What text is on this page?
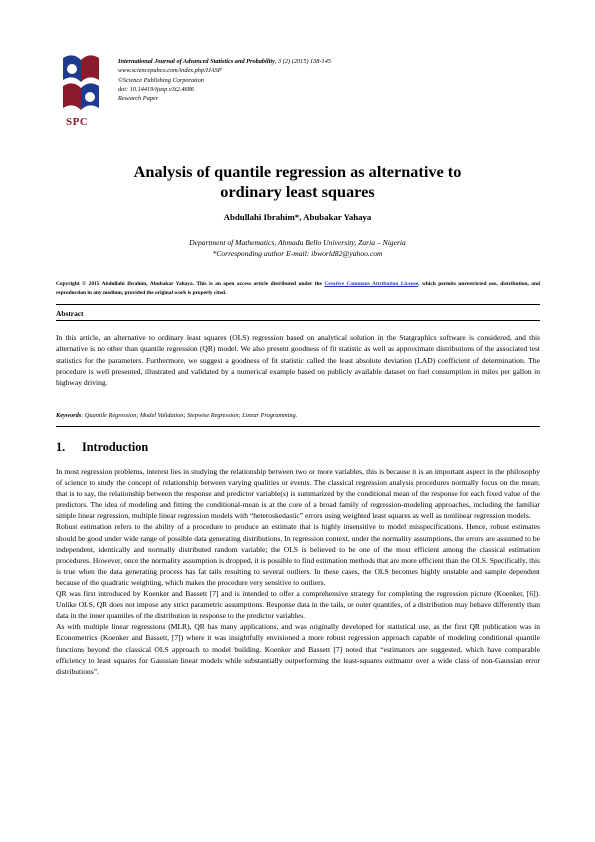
SPC
International Journal of Advanced Statistics and Probability, 3 (2) (2015) 138-145
www.sciencepubco.com/index.php/IJASP
©Science Publishing Corporation
doi: 10.14419/ijasp.v3i2.4686
Research Paper
Analysis of quantile regression as alternative to
ordinary least squares
Abdullahi Ibrahim*, Abubakar Yahaya
Department of Mathematics, Ahmadu Bello University, Zaria – Nigeria
*Corresponding author E-mail: ibworld82@yahoo.com
Copyright © 2015 Abdullahi Ibrahim, Abubakar Yahaya. This is an open access article distributed under the Creative Commons Attribution License, which permits unrestricted use, distribution, and reproduction in any medium, provided the original work is properly cited.
Abstract
In this article, an alternative to ordinary least squares (OLS) regression based on analytical solution in the Statgraphics software is considered, and this alternative is no other than quantile regression (QR) model. We also present goodness of fit statistic as well as approximate distributions of the associated test statistics for the parameters. Furthermore, we suggest a goodness of fit statistic called the least absolute deviation (LAD) coefficient of determination. The procedure is well presented, illustrated and validated by a numerical example based on publicly available dataset on fuel consumption in miles per gallon in highway driving.
Keywords: Quantile Regression; Model Validation; Stepwise Regression; Linear Programming.
1. Introduction

In most regression problems, interest lies in studying the relationship between two or more variables, this is because it is an important aspect in the philosophy of science to study the concept of relationship between varying qualities or events. The classical regression analysis procedures normally focus on the mean; that is to say, the relationship between the response and predictor variable(s) is summarized by the conditional mean of the response for each fixed value of the predictors. The idea of modeling and fitting the conditional-mean is at the core of a broad family of regression-modeling approaches, including the familiar simple linear regression, multiple linear regression models with “heteroskedastic” errors using weighted least squares as well as nonlinear regression models.

Robust estimation refers to the ability of a procedure to produce an estimate that is highly insensitive to model misspecifications. Hence, robust estimates should be good under wide range of possible data generating distributions. In regression context, under the normality assumptions, the errors are assumed to be independent, identically and normally distributed random variable; the OLS is believed to be one of the most efficient among the classical estimation procedures. However, once the normality assumption is dropped, it is possible to find estimation methods that are more efficient than the OLS. Specifically, this is true when the data generating process has fat tails resulting to several outliers. In these cases, the OLS becomes highly unstable and sample dependent because of the quadratic weighting, which makes the procedure very sensitive to outliers.

QR was first introduced by Koenker and Bassett [7] and is intended to offer a comprehensive strategy for completing the regression picture (Koenker, [6]). Unlike OLS, QR does not impose any strict parametric assumptions. Response data in the tails, or outer quantiles, of a distribution may behave differently than data in the inner quantiles of the distribution in response to the predictor variables.

As with multiple linear regressions (MLR), QR has many applications, and was originally developed for statistical use, as the first QR publication was in Econometrics (Koenker and Bassett, [7]) where it was insightfully envisioned a more robust regression approach capable of modeling conditional quantile functions beyond the classical OLS approach to model building. Koenker and Bassett [7] noted that “estimators are suggested, which have comparable efficiency to least squares for Gaussian linear models while substantially outperforming the least-squares estimator over a wide class of non-Gaussian error distributions”.
